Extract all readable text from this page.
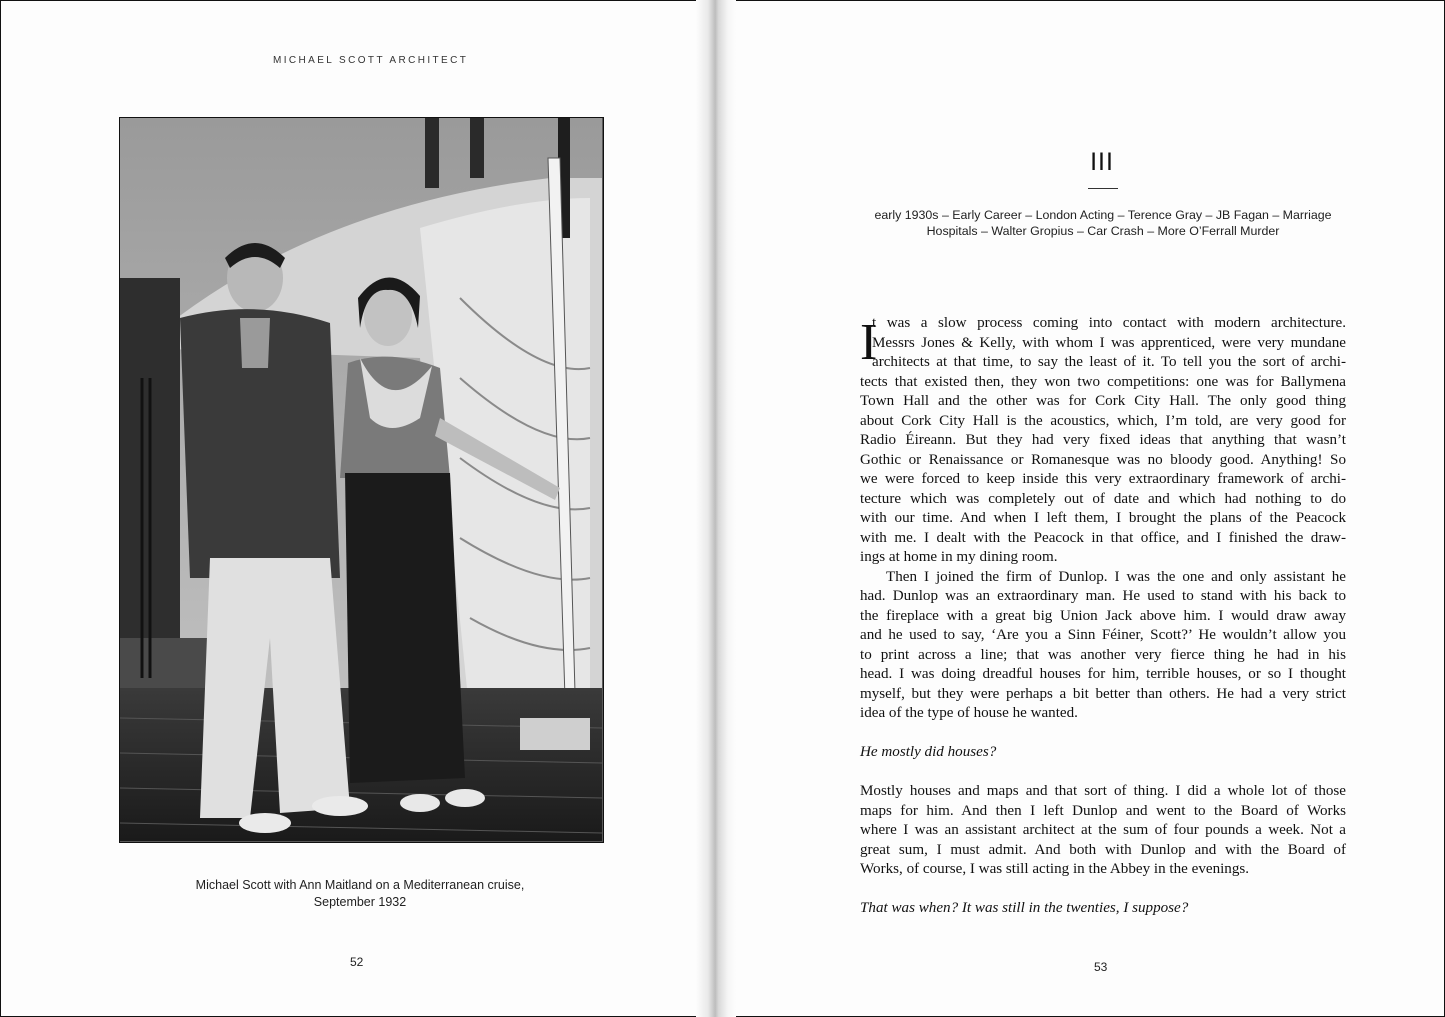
MICHAEL SCOTT ARCHITECT
Michael Scott with Ann Maitland on a Mediterranean cruise,
September 1932
52
III
early 1930s – Early Career – London Acting – Terence Gray – JB Fagan – Marriage
Hospitals – Walter Gropius – Car Crash – More O’Ferrall Murder
I
t was a slow process coming into contact with modern architecture.
Messrs Jones & Kelly, with whom I was apprenticed, were very mundane
architects at that time, to say the least of it. To tell you the sort of archi-
tects that existed then, they won two competitions: one was for Ballymena
Town Hall and the other was for Cork City Hall. The only good thing
about Cork City Hall is the acoustics, which, I’m told, are very good for
Radio Éireann. But they had very fixed ideas that anything that wasn’t
Gothic or Renaissance or Romanesque was no bloody good. Anything! So
we were forced to keep inside this very extraordinary framework of archi-
tecture which was completely out of date and which had nothing to do
with our time. And when I left them, I brought the plans of the Peacock
with me. I dealt with the Peacock in that office, and I finished the draw-
ings at home in my dining room.
Then I joined the firm of Dunlop. I was the one and only assistant he
had. Dunlop was an extraordinary man. He used to stand with his back to
the fireplace with a great big Union Jack above him. I would draw away
and he used to say, ‘Are you a Sinn Féiner, Scott?’ He wouldn’t allow you
to print across a line; that was another very fierce thing he had in his
head. I was doing dreadful houses for him, terrible houses, or so I thought
myself, but they were perhaps a bit better than others. He had a very strict
idea of the type of house he wanted.
He mostly did houses?
Mostly houses and maps and that sort of thing. I did a whole lot of those
maps for him. And then I left Dunlop and went to the Board of Works
where I was an assistant architect at the sum of four pounds a week. Not a
great sum, I must admit. And both with Dunlop and with the Board of
Works, of course, I was still acting in the Abbey in the evenings.
That was when? It was still in the twenties, I suppose?
53
